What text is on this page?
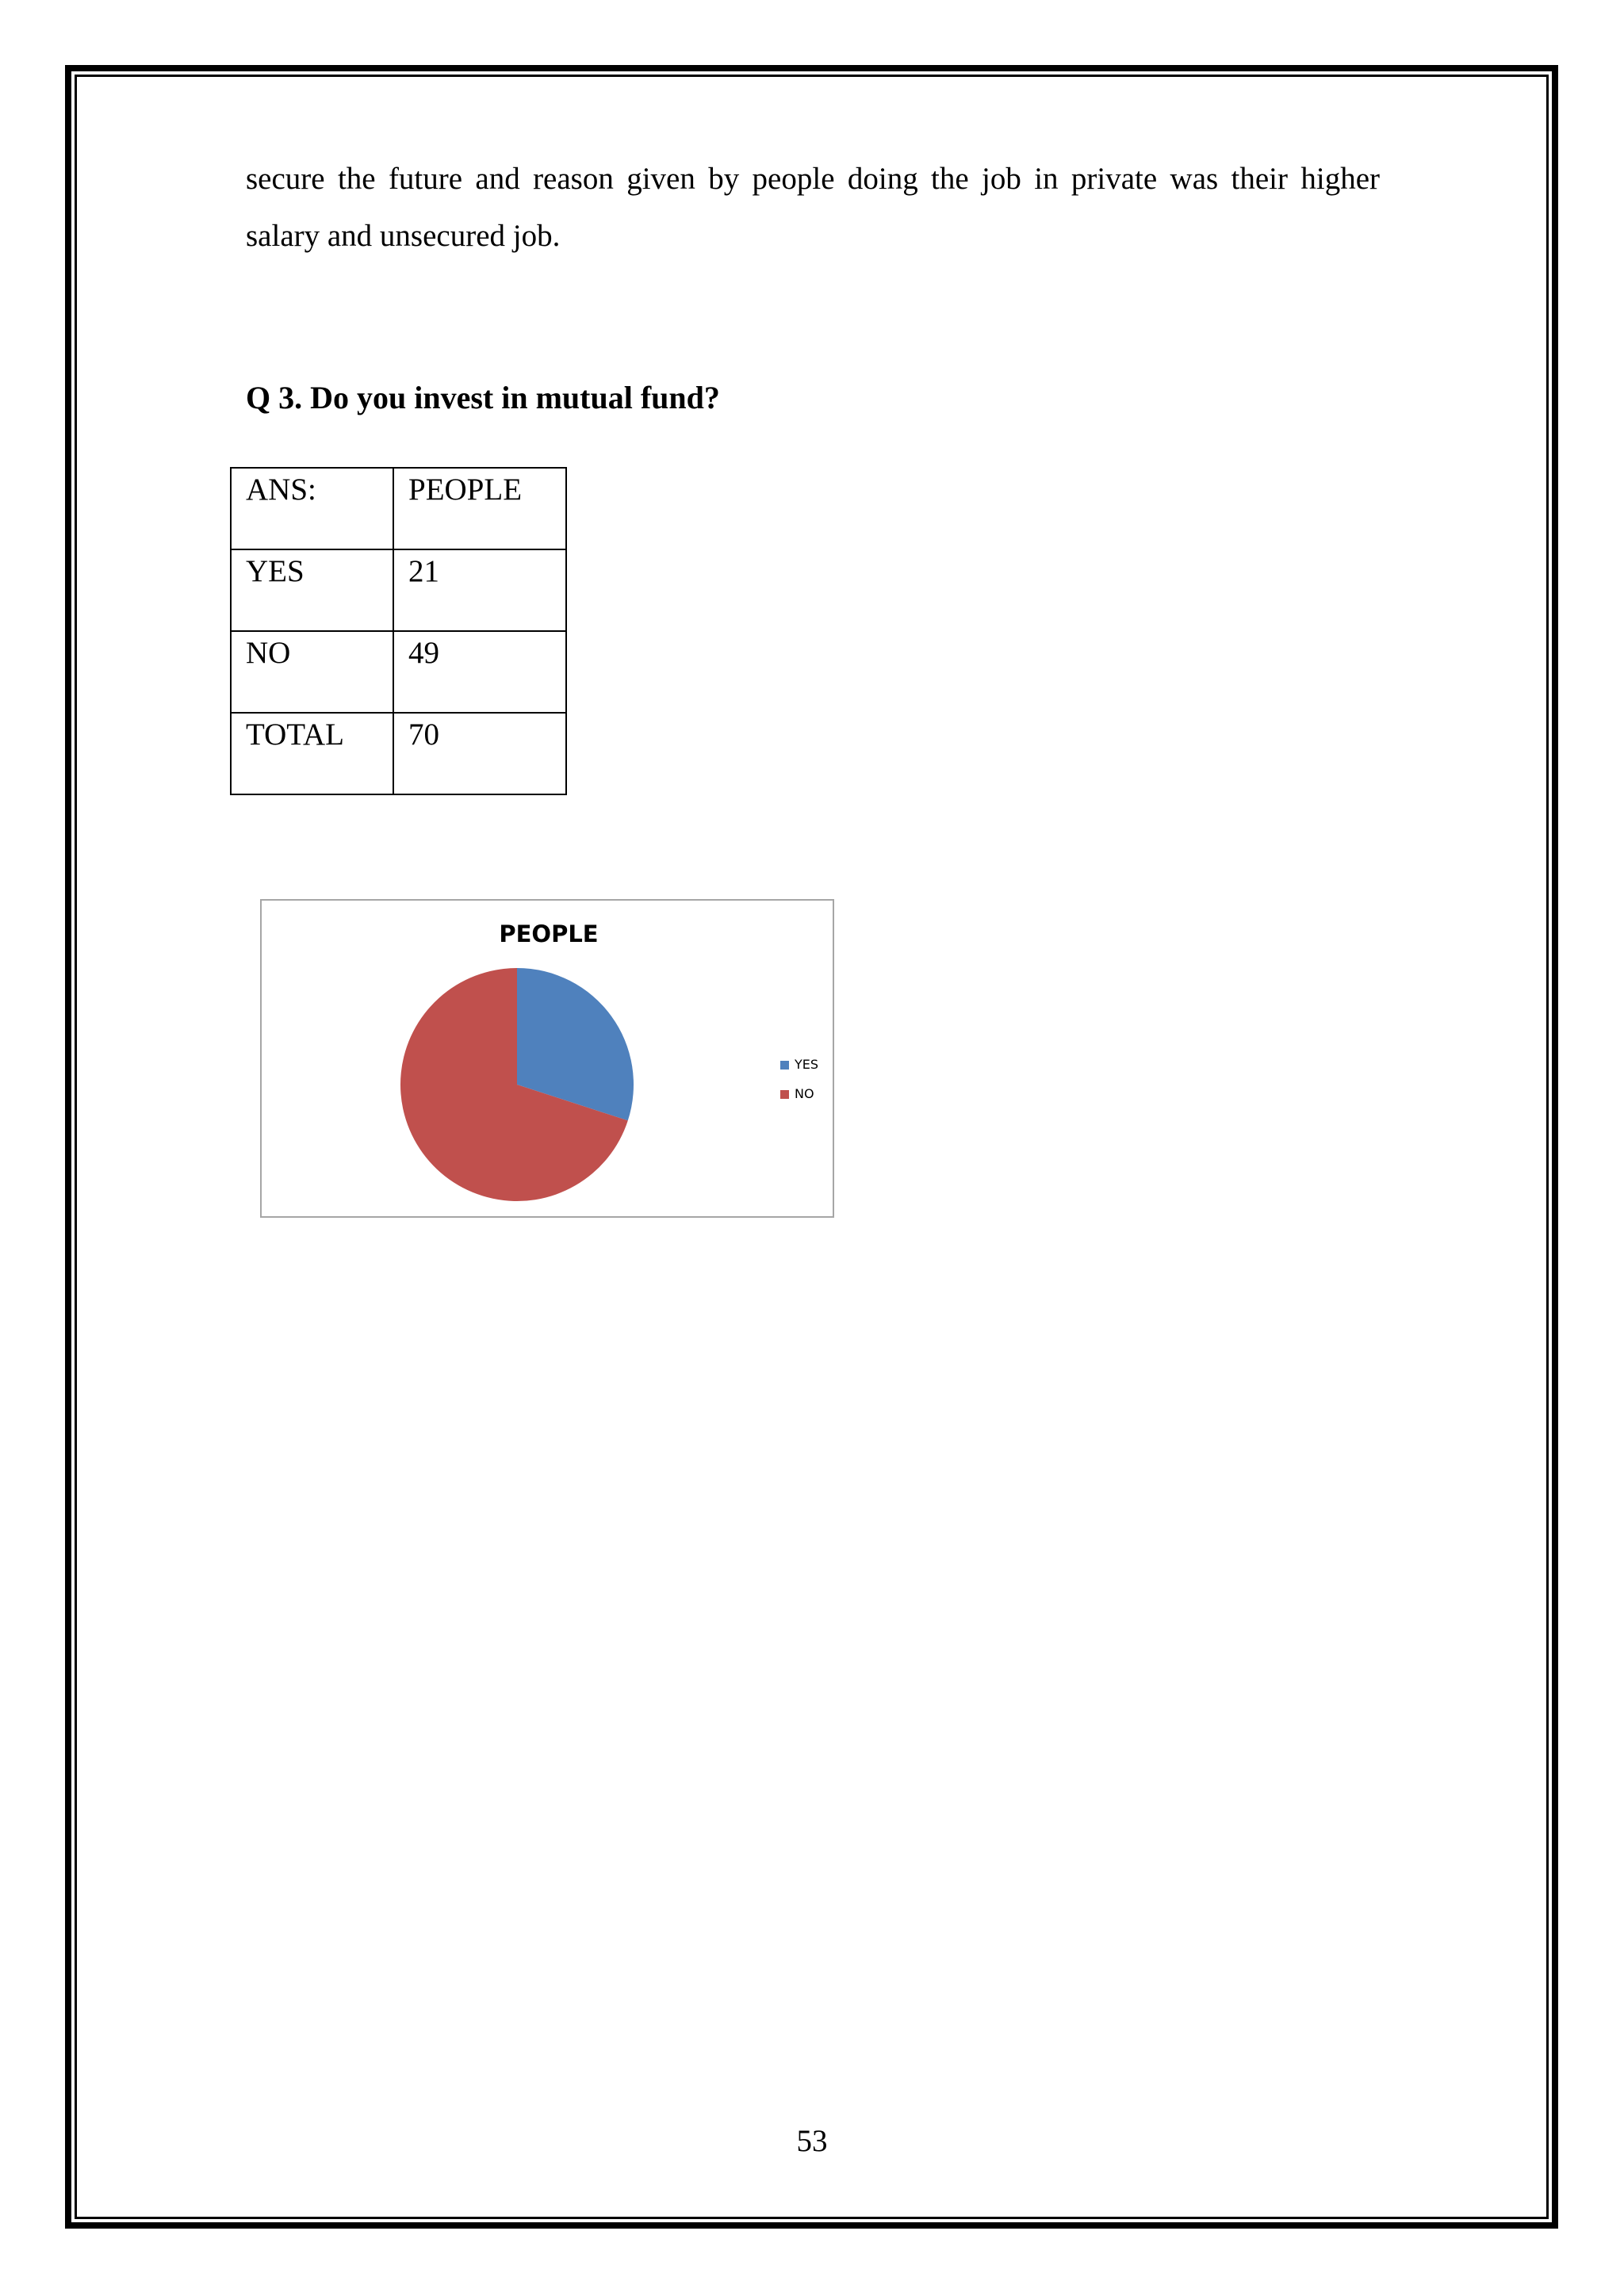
secure the future and reason given by people doing the job in private was their higher salary and unsecured job.

Q 3. Do you invest in mutual fund?

ANS:	PEOPLE
YES	21
NO	49
TOTAL	70
PEOPLE
YES
NO

53
